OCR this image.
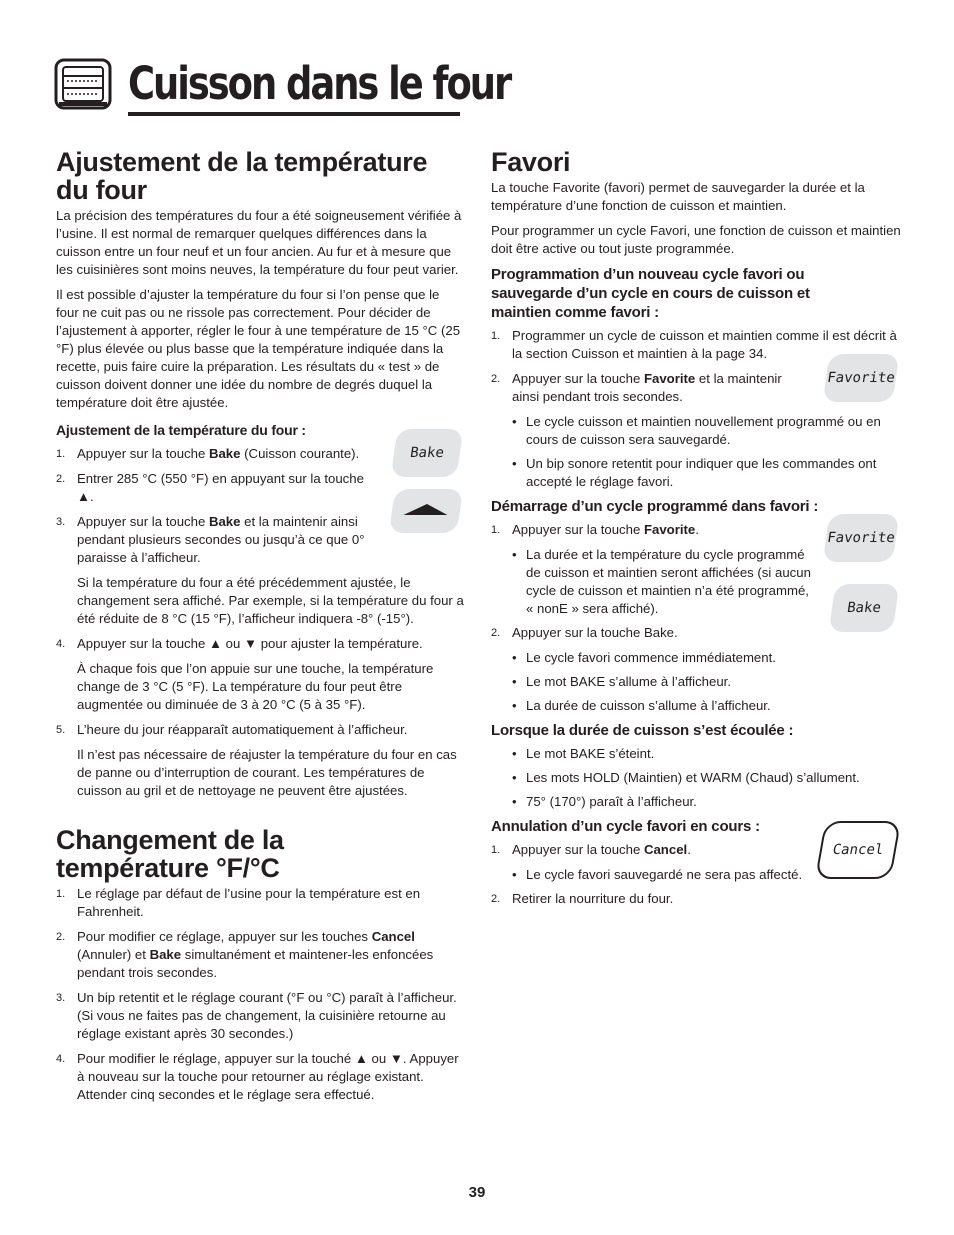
Cuisson dans le four
Ajustement de la température du four

La précision des températures du four a été soigneusement vérifiée à l’usine. Il est normal de remarquer quelques différences dans la cuisson entre un four neuf et un four ancien. Au fur et à mesure que les cuisinières sont moins neuves, la température du four peut varier.

Il est possible d’ajuster la température du four si l’on pense que le four ne cuit pas ou ne rissole pas correctement. Pour décider de l’ajustement à apporter, régler le four à une température de 15 °C (25 °F) plus élevée ou plus basse que la température indiquée dans la recette, puis faire cuire la préparation. Les résultats du « test » de cuisson doivent donner une idée du nombre de degrés duquel la température doit être ajustée.

Ajustement de la température du four :
1. Appuyer sur la touche Bake (Cuisson courante).
2. Entrer 285 °C (550 °F) en appuyant sur la touche ▲.
3. Appuyer sur la touche Bake et la maintenir ainsi pendant plusieurs secondes ou jusqu’à ce que 0° paraisse à l’afficheur.

Si la température du four a été précédemment ajustée, le changement sera affiché. Par exemple, si la température du four a été réduite de 8 °C (15 °F), l’afficheur indiquera -8° (-15°).

4. Appuyer sur la touche ▲ ou ▼ pour ajuster la température.

À chaque fois que l’on appuie sur une touche, la température change de 3 °C (5 °F). La température du four peut être augmentée ou diminuée de 3 à 20 °C (5 à 35 °F).

5. L’heure du jour réapparaît automatiquement à l’afficheur.

Il n’est pas nécessaire de réajuster la température du four en cas de panne ou d’interruption de courant. Les températures de cuisson au gril et de nettoyage ne peuvent être ajustées.

Changement de la température °F/°C
1. Le réglage par défaut de l’usine pour la température est en Fahrenheit.
2. Pour modifier ce réglage, appuyer sur les touches Cancel (Annuler) et Bake simultanément et maintener-les enfoncées pendant trois secondes.
3. Un bip retentit et le réglage courant (°F ou °C) paraît à l’afficheur. (Si vous ne faites pas de changement, la cuisinière retourne au réglage existant après 30 secondes.)
4. Pour modifier le réglage, appuyer sur la touché ▲ ou ▼. Appuyer à nouveau sur la touche pour retourner au réglage existant. Attender cinq secondes et le réglage sera effectué.
Bake
Favori

La touche Favorite (favori) permet de sauvegarder la durée et la température d’une fonction de cuisson et maintien.

Pour programmer un cycle Favori, une fonction de cuisson et maintien doit être active ou tout juste programmée.

Programmation d’un nouveau cycle favori ou sauvegarde d’un cycle en cours de cuisson et maintien comme favori :
1. Programmer un cycle de cuisson et maintien comme il est décrit à la section Cuisson et maintien à la page 34.
2. Appuyer sur la touche Favorite et la maintenir ainsi pendant trois secondes.
• Le cycle cuisson et maintien nouvellement programmé ou en cours de cuisson sera sauvegardé.
• Un bip sonore retentit pour indiquer que les commandes ont accepté le réglage favori.
Démarrage d’un cycle programmé dans favori :
1. Appuyer sur la touche Favorite.
• La durée et la température du cycle programmé de cuisson et maintien seront affichées (si aucun cycle de cuisson et maintien n’a été programmé, « nonE » sera affiché).
2. Appuyer sur la touche Bake.
• Le cycle favori commence immédiatement.
• Le mot BAKE s’allume à l’afficheur.
• La durée de cuisson s’allume à l’afficheur.
Lorsque la durée de cuisson s’est écoulée :
• Le mot BAKE s’éteint.
• Les mots HOLD (Maintien) et WARM (Chaud) s’allument.
• 75° (170°) paraît à l’afficheur.
Annulation d’un cycle favori en cours :
1. Appuyer sur la touche Cancel.
• Le cycle favori sauvegardé ne sera pas affecté.
2. Retirer la nourriture du four.
Favorite
Favorite
Bake
Cancel
39
